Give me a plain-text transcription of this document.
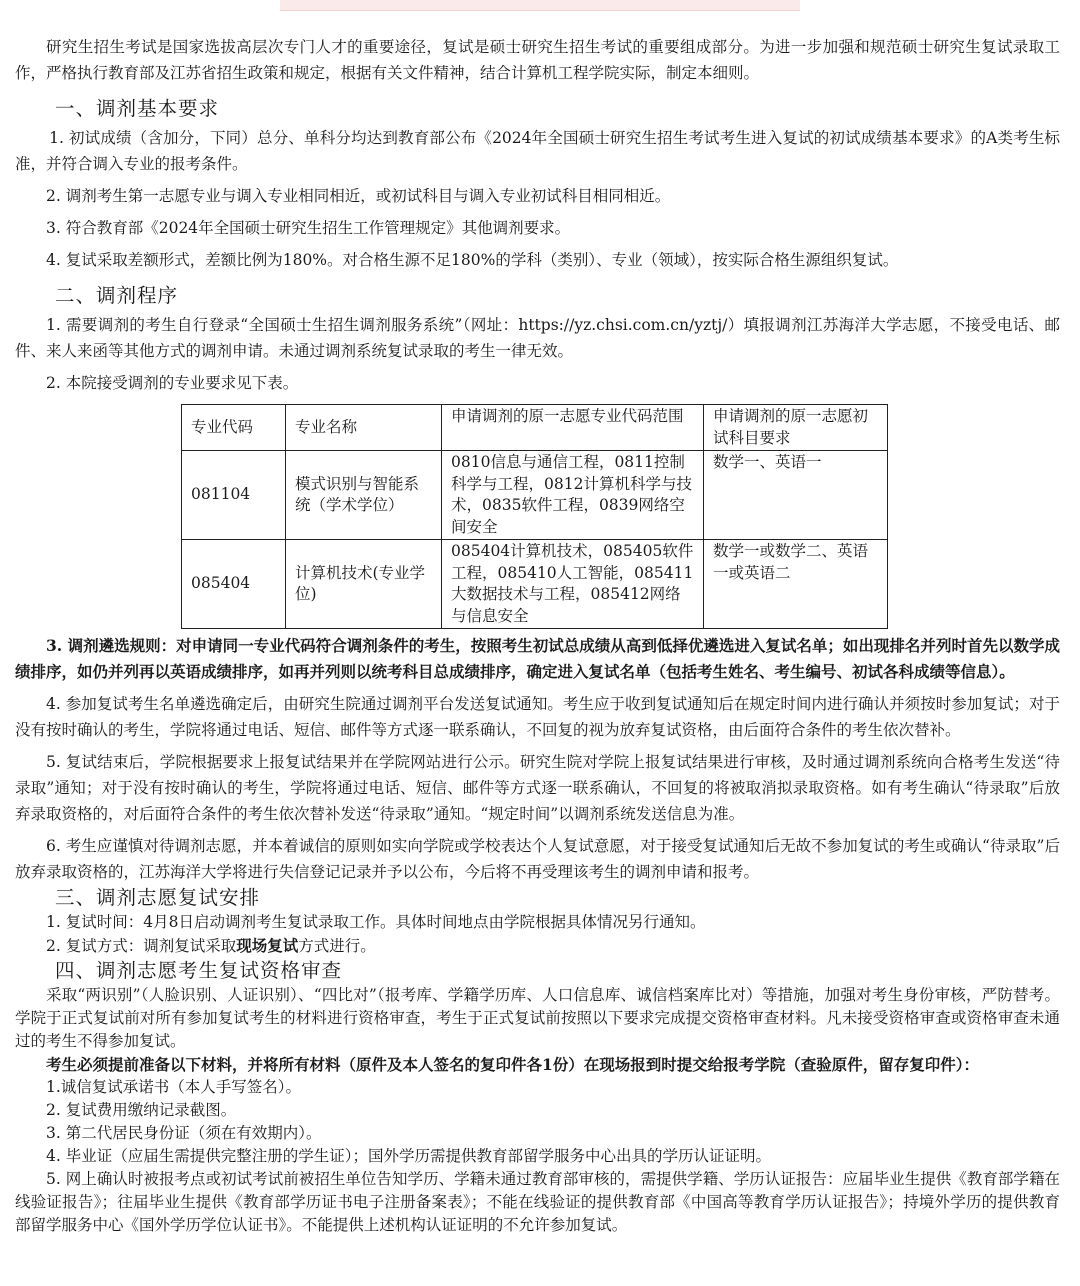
研究生招生考试是国家选拔高层次专门人才的重要途径，复试是硕士研究生招生考试的重要组成部分。为进一步加强和规范硕士研究生复试录取工作，严格执行教育部及江苏省招生政策和规定，根据有关文件精神，结合计算机工程学院实际，制定本细则。

一、调剂基本要求

1. 初试成绩（含加分，下同）总分、单科分均达到教育部公布《2024年全国硕士研究生招生考试考生进入复试的初试成绩基本要求》的A类考生标准，并符合调入专业的报考条件。

2. 调剂考生第一志愿专业与调入专业相同相近，或初试科目与调入专业初试科目相同相近。

3. 符合教育部《2024年全国硕士研究生招生工作管理规定》其他调剂要求。

4. 复试采取差额形式，差额比例为180%。对合格生源不足180%的学科（类别）、专业（领域），按实际合格生源组织复试。

二、调剂程序

1. 需要调剂的考生自行登录“全国硕士生招生调剂服务系统”（网址：https://yz.chsi.com.cn/yztj/）填报调剂江苏海洋大学志愿，不接受电话、邮件、来人来函等其他方式的调剂申请。未通过调剂系统复试录取的考生一律无效。

2. 本院接受调剂的专业要求见下表。

专业代码	专业名称	申请调剂的原一志愿专业代码范围	申请调剂的原一志愿初试科目要求
081104	模式识别与智能系统（学术学位）	0810信息与通信工程，0811控制科学与工程，0812计算机科学与技术，0835软件工程，0839网络空间安全	数学一、英语一
085404	计算机技术(专业学位)	085404计算机技术，085405软件工程，085410人工智能，085411大数据技术与工程，085412网络与信息安全	数学一或数学二、英语一或英语二

3. 调剂遴选规则：对申请同一专业代码符合调剂条件的考生，按照考生初试总成绩从高到低择优遴选进入复试名单；如出现排名并列时首先以数学成绩排序，如仍并列再以英语成绩排序，如再并列则以统考科目总成绩排序，确定进入复试名单（包括考生姓名、考生编号、初试各科成绩等信息）。

4. 参加复试考生名单遴选确定后，由研究生院通过调剂平台发送复试通知。考生应于收到复试通知后在规定时间内进行确认并须按时参加复试；对于没有按时确认的考生，学院将通过电话、短信、邮件等方式逐一联系确认，不回复的视为放弃复试资格，由后面符合条件的考生依次替补。

5. 复试结束后，学院根据要求上报复试结果并在学院网站进行公示。研究生院对学院上报复试结果进行审核，及时通过调剂系统向合格考生发送“待录取”通知；对于没有按时确认的考生，学院将通过电话、短信、邮件等方式逐一联系确认，不回复的将被取消拟录取资格。如有考生确认“待录取”后放弃录取资格的，对后面符合条件的考生依次替补发送“待录取”通知。“规定时间”以调剂系统发送信息为准。

6. 考生应谨慎对待调剂志愿，并本着诚信的原则如实向学院或学校表达个人复试意愿，对于接受复试通知后无故不参加复试的考生或确认“待录取”后放弃录取资格的，江苏海洋大学将进行失信登记记录并予以公布，今后将不再受理该考生的调剂申请和报考。

三、调剂志愿复试安排

1. 复试时间：4月8日启动调剂考生复试录取工作。具体时间地点由学院根据具体情况另行通知。

2. 复试方式：调剂复试采取现场复试方式进行。

四、调剂志愿考生复试资格审查

采取“两识别”（人脸识别、人证识别）、“四比对”（报考库、学籍学历库、人口信息库、诚信档案库比对）等措施，加强对考生身份审核，严防替考。学院于正式复试前对所有参加复试考生的材料进行资格审查，考生于正式复试前按照以下要求完成提交资格审查材料。凡未接受资格审查或资格审查未通过的考生不得参加复试。

考生必须提前准备以下材料，并将所有材料（原件及本人签名的复印件各1份）在现场报到时提交给报考学院（查验原件，留存复印件）：

1.诚信复试承诺书（本人手写签名）。

2. 复试费用缴纳记录截图。

3. 第二代居民身份证（须在有效期内）。

4. 毕业证（应届生需提供完整注册的学生证）；国外学历需提供教育部留学服务中心出具的学历认证证明。

5. 网上确认时被报考点或初试考试前被招生单位告知学历、学籍未通过教育部审核的，需提供学籍、学历认证报告：应届毕业生提供《教育部学籍在线验证报告》；往届毕业生提供《教育部学历证书电子注册备案表》；不能在线验证的提供教育部《中国高等教育学历认证报告》；持境外学历的提供教育部留学服务中心《国外学历学位认证书》。不能提供上述机构认证证明的不允许参加复试。
